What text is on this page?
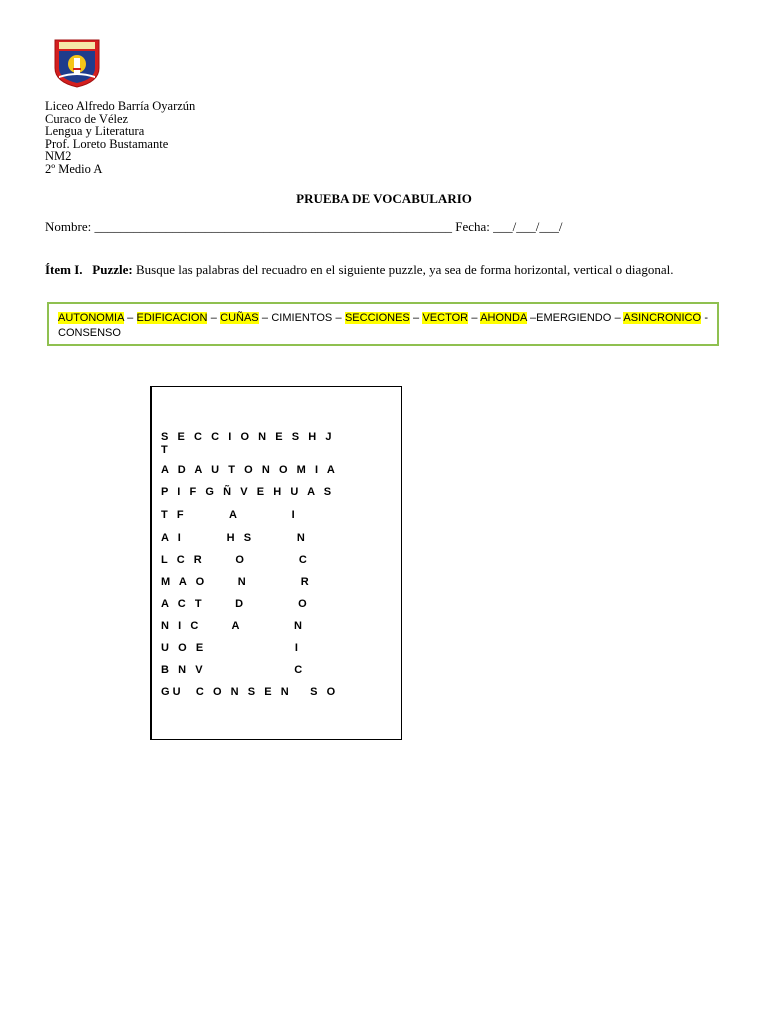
Liceo Alfredo Barría Oyarzún
Curaco de Vélez
Lengua y Literatura
Prof. Loreto Bustamante
NM2
2º Medio A
PRUEBA DE VOCABULARIO
Nombre: _______________________________________________________ Fecha: ___/___/___/
Ítem I. Puzzle: Busque las palabras del recuadro en el siguiente puzzle, ya sea de forma horizontal, vertical o diagonal.
AUTONOMIA – EDIFICACION – CUÑAS – CIMIENTOS – SECCIONES – VECTOR – AHONDA –EMERGIENDO – ASINCRONICO - CONSENSO
S   E   C   C   I   O   N   E   S   H   J
T
A   D   A   U   T   O   N   O   M   I   A
P   I   F   G   Ñ   V   E   H   U   A   S
T   F               A                  I
A   I               H   S               N
L   C   R           O                  C
M   A   O           N                  R
A   C   T           D                  O
N   I   C           A                  N
U   O   E                              I
B   N   V                              C
G U     C   O   N   S   E   N       S   O
